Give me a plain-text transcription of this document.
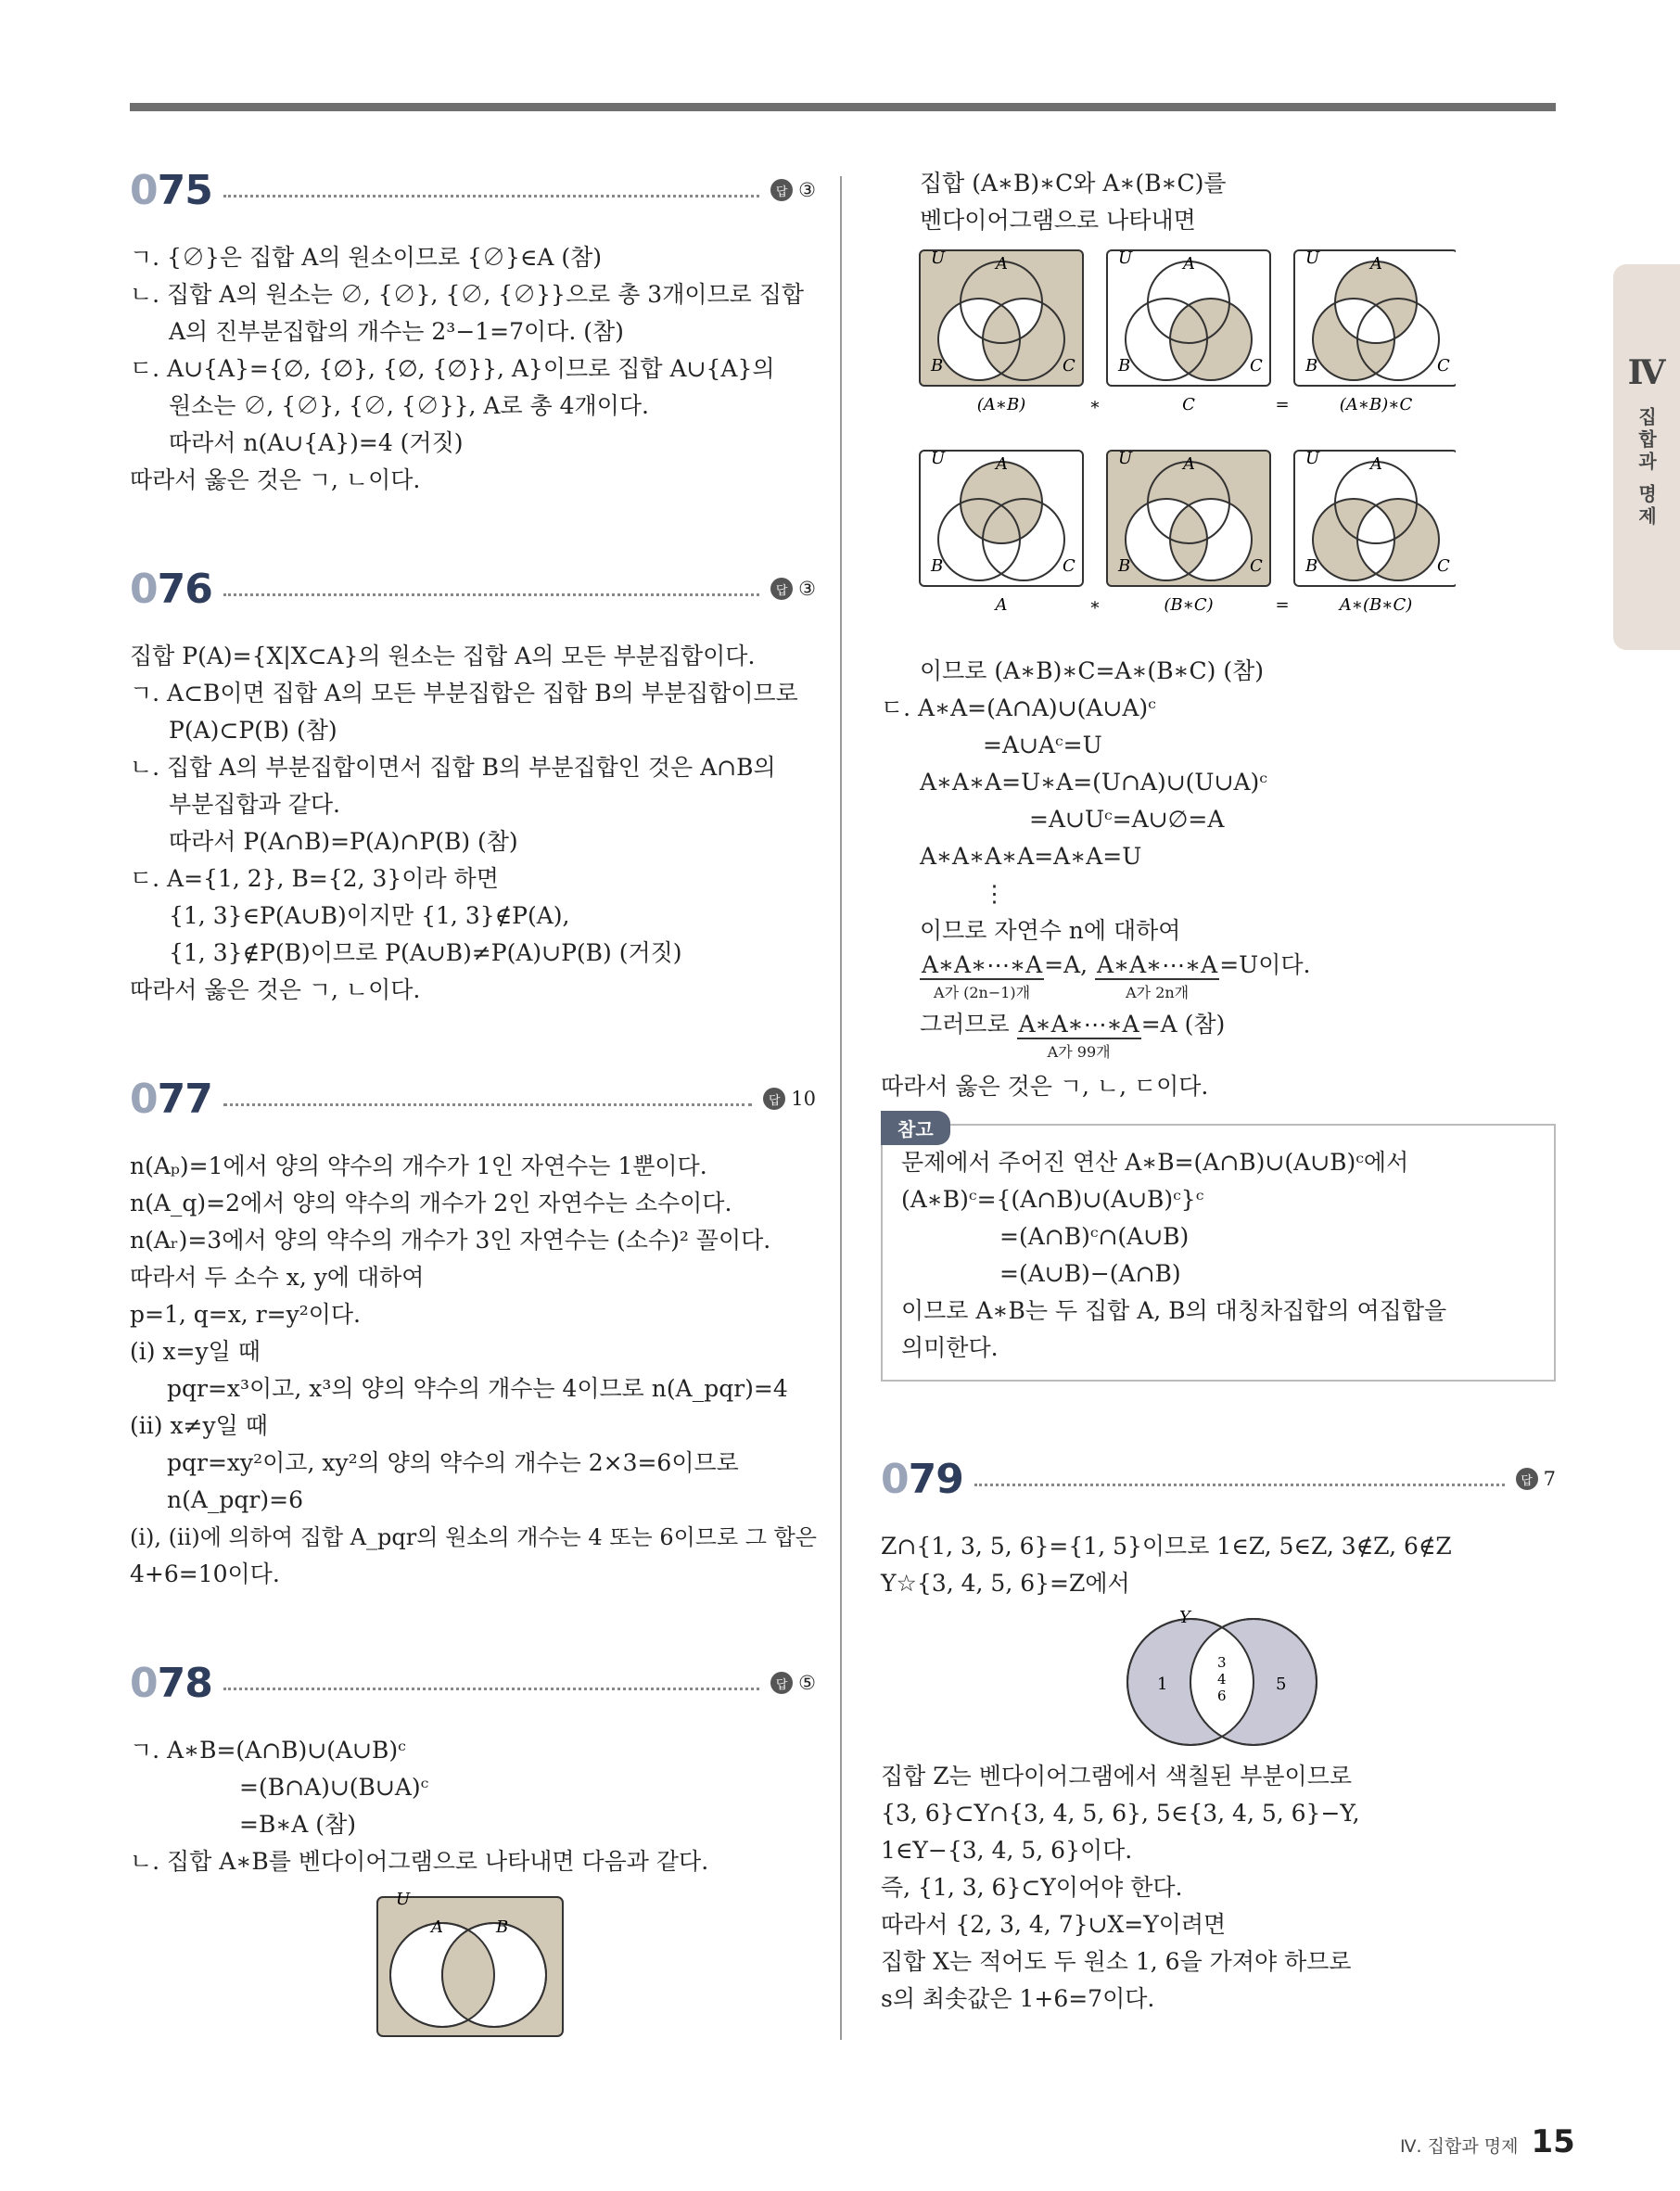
Ⅳ
집합과 명제
075	답 ③
ㄱ. {∅}은 집합 A의 원소이므로 {∅}∈A (참)
ㄴ. 집합 A의 원소는 ∅, {∅}, {∅, {∅}}으로 총 3개이므로 집합
A의 진부분집합의 개수는 2³−1=7이다. (참)
ㄷ. A∪{A}={∅, {∅}, {∅, {∅}}, A}이므로 집합 A∪{A}의
원소는 ∅, {∅}, {∅, {∅}}, A로 총 4개이다.
따라서 n(A∪{A})=4 (거짓)
따라서 옳은 것은 ㄱ, ㄴ이다.
076	답 ③
집합 P(A)={X|X⊂A}의 원소는 집합 A의 모든 부분집합이다.
ㄱ. A⊂B이면 집합 A의 모든 부분집합은 집합 B의 부분집합이므로
P(A)⊂P(B) (참)
ㄴ. 집합 A의 부분집합이면서 집합 B의 부분집합인 것은 A∩B의
부분집합과 같다.
따라서 P(A∩B)=P(A)∩P(B) (참)
ㄷ. A={1, 2}, B={2, 3}이라 하면
{1, 3}∈P(A∪B)이지만 {1, 3}∉P(A),
{1, 3}∉P(B)이므로 P(A∪B)≠P(A)∪P(B) (거짓)
따라서 옳은 것은 ㄱ, ㄴ이다.
077	답 10
n(Aₚ)=1에서 양의 약수의 개수가 1인 자연수는 1뿐이다.
n(A_q)=2에서 양의 약수의 개수가 2인 자연수는 소수이다.
n(Aᵣ)=3에서 양의 약수의 개수가 3인 자연수는 (소수)² 꼴이다.
따라서 두 소수 x, y에 대하여
p=1, q=x, r=y²이다.
(ⅰ) x=y일 때
pqr=x³이고, x³의 양의 약수의 개수는 4이므로 n(A_pqr)=4
(ⅱ) x≠y일 때
pqr=xy²이고, xy²의 양의 약수의 개수는 2×3=6이므로
n(A_pqr)=6
(ⅰ), (ⅱ)에 의하여 집합 A_pqr의 원소의 개수는 4 또는 6이므로 그 합은
4+6=10이다.
078	답 ⑤
ㄱ. A∗B=(A∩B)∪(A∪B)ᶜ
=(B∩A)∪(B∪A)ᶜ
=B∗A (참)
ㄴ. 집합 A∗B를 벤다이어그램으로 나타내면 다음과 같다.
U
A	B
집합 (A∗B)∗C와 A∗(B∗C)를
벤다이어그램으로 나타내면
U	A
B	C
U	A
B	C
U	A
B	C
U	A
B	C
U	A
B	C
U	A
B	C
(A∗B)	∗	C	=	(A∗B)∗C
A	∗	(B∗C)	=	A∗(B∗C)
이므로 (A∗B)∗C=A∗(B∗C) (참)
ㄷ. A∗A=(A∩A)∪(A∪A)ᶜ
=A∪Aᶜ=U
A∗A∗A=U∗A=(U∩A)∪(U∪A)ᶜ
=A∪Uᶜ=A∪∅=A
A∗A∗A∗A=A∗A=U
⋮
이므로 자연수 n에 대하여
A∗A∗⋯∗A
A가 (2n−1)개
=A, A∗A∗⋯∗A
A가 2n개
=U이다.
그러므로 A∗A∗⋯∗A
A가 99개
=A (참)
따라서 옳은 것은 ㄱ, ㄴ, ㄷ이다.
참고
문제에서 주어진 연산 A∗B=(A∩B)∪(A∪B)ᶜ에서
(A∗B)ᶜ={(A∩B)∪(A∪B)ᶜ}ᶜ
=(A∩B)ᶜ∩(A∪B)
=(A∪B)−(A∩B)
이므로 A∗B는 두 집합 A, B의 대칭차집합의 여집합을
의미한다.
079	답 7
Z∩{1, 3, 5, 6}={1, 5}이므로 1∈Z, 5∈Z, 3∉Z, 6∉Z
Y☆{3, 4, 5, 6}=Z에서
Y
1
3
4
6
5
집합 Z는 벤다이어그램에서 색칠된 부분이므로
{3, 6}⊂Y∩{3, 4, 5, 6}, 5∈{3, 4, 5, 6}−Y,
1∈Y−{3, 4, 5, 6}이다.
즉, {1, 3, 6}⊂Y이어야 한다.
따라서 {2, 3, 4, 7}∪X=Y이려면
집합 X는 적어도 두 원소 1, 6을 가져야 하므로
s의 최솟값은 1+6=7이다.
Ⅳ. 집합과 명제 15
